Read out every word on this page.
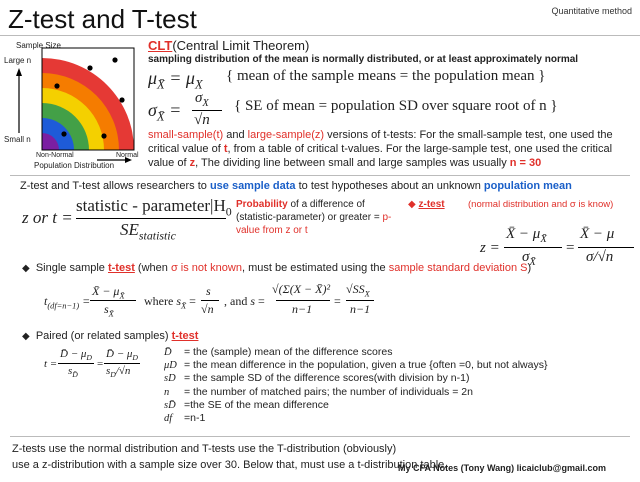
Z-test and T-test	Quantitative method
Sample Size
Large n
Small n
Non-Normal	Normal
Population Distribution
CLT(Central Limit Theorem)
sampling distribution of the mean is normally distributed, or at least approximately normal
$\mu_{X̄} = \mu_X$
{ mean of the sample means = the population mean }
$\sigma_{X̄}$ =
$\sigma_X$
√n
{ SE of mean = population SD over square root of n }
small-sample(t) and large-sample(z) versions of t-tests: For the small-sample test, one used the critical value of t, from a table of critical t-values. For the large-sample test, one used the critical value of z, The dividing line between small and large samples was usually n = 30
Z-test and T-test allows researchers to use sample data to test hypotheses about an unknown population mean
z or t =
statistic - $parameter|H_0$
$SE_{statistic}$
Probability of a difference of (statistic-parameter) or greater = p-value from z or t
◆ z-test (normal distribution and σ is know)
z =
X̄ − $\mu_{X̄}$
$\sigma_{X̄}$
=
X̄ − μ
σ/√n
◆ Single sample t-test (when σ is not known, must be estimated using the sample standard deviation S)
$t_{(df=n-1)}$ =
X̄ − $\mu_{X̄}$
$s_{X̄}$
where $s_{X̄}$ =
s
√n
, and s =
√(Σ(X − X̄)²
n−1
=
$√SS_X$
n−1
◆ Paired (or related samples) t-test
t =
D̄ − $\mu_D$
$s_{D̄}$
=
D̄ − $\mu_D$
$s_D/√n$
D̄ = the (sample) mean of the difference scores
μD = the mean difference in the population, given a true {often =0, but not always}
sD = the sample SD of the difference scores(with division by n-1)
n = the number of matched pairs; the number of individuals = 2n
sD̄ =the SE of the mean difference
df =n-1
Z-tests use the normal distribution and T-tests use the T-distribution (obviously)
use a z-distribution with a sample size over 30. Below that, must use a t-distribution table.
My CFA Notes (Tony Wang) licaiclub@gmail.com
